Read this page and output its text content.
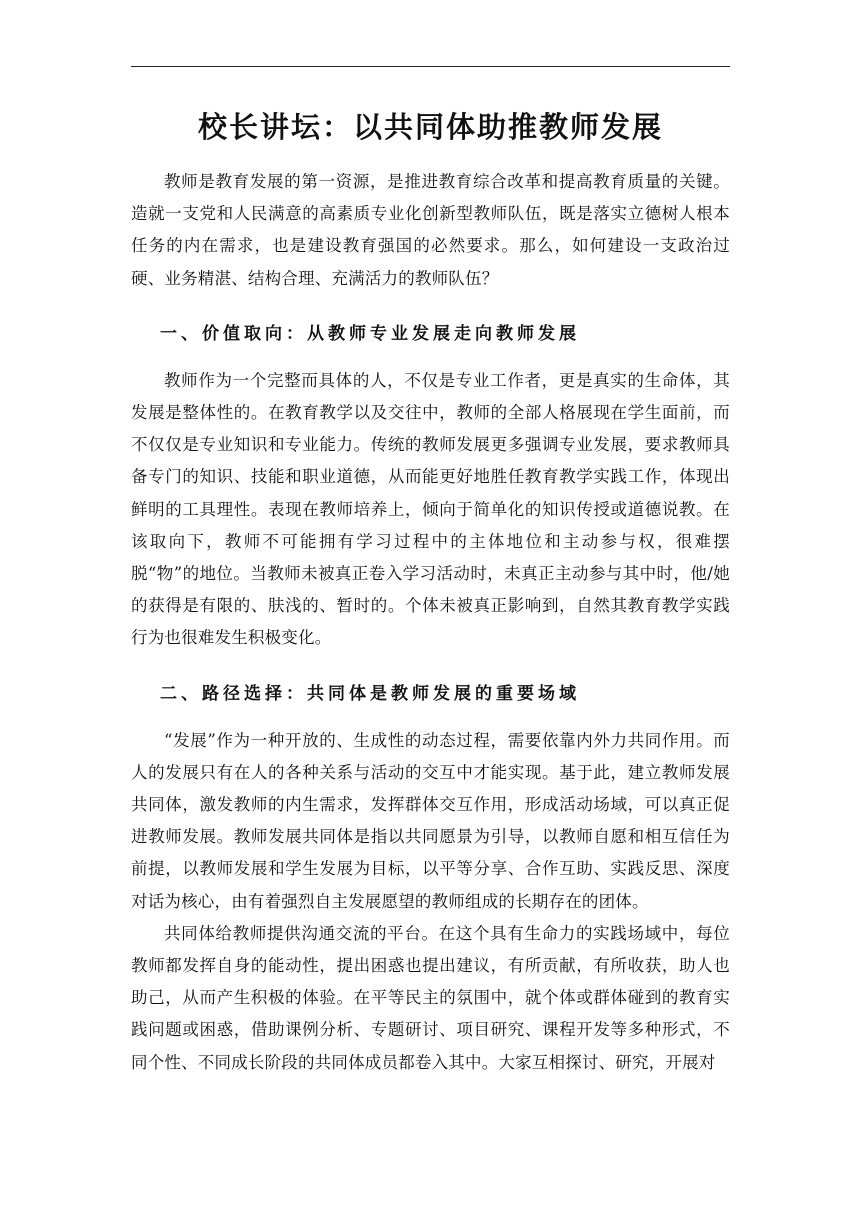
校长讲坛：以共同体助推教师发展

教师是教育发展的第一资源，是推进教育综合改革和提高教育质量的关键。造就一支党和人民满意的高素质专业化创新型教师队伍，既是落实立德树人根本任务的内在需求，也是建设教育强国的必然要求。那么，如何建设一支政治过硬、业务精湛、结构合理、充满活力的教师队伍？

一、价值取向：从教师专业发展走向教师发展

教师作为一个完整而具体的人，不仅是专业工作者，更是真实的生命体，其发展是整体性的。在教育教学以及交往中，教师的全部人格展现在学生面前，而不仅仅是专业知识和专业能力。传统的教师发展更多强调专业发展，要求教师具备专门的知识、技能和职业道德，从而能更好地胜任教育教学实践工作，体现出鲜明的工具理性。表现在教师培养上，倾向于简单化的知识传授或道德说教。在该取向下，教师不可能拥有学习过程中的主体地位和主动参与权，很难摆脱“物”的地位。当教师未被真正卷入学习活动时，未真正主动参与其中时，他/她的获得是有限的、肤浅的、暂时的。个体未被真正影响到，自然其教育教学实践行为也很难发生积极变化。

二、路径选择：共同体是教师发展的重要场域

“发展”作为一种开放的、生成性的动态过程，需要依靠内外力共同作用。而人的发展只有在人的各种关系与活动的交互中才能实现。基于此，建立教师发展共同体，激发教师的内生需求，发挥群体交互作用，形成活动场域，可以真正促进教师发展。教师发展共同体是指以共同愿景为引导，以教师自愿和相互信任为前提，以教师发展和学生发展为目标，以平等分享、合作互助、实践反思、深度对话为核心，由有着强烈自主发展愿望的教师组成的长期存在的团体。

共同体给教师提供沟通交流的平台。在这个具有生命力的实践场域中，每位教师都发挥自身的能动性，提出困惑也提出建议，有所贡献，有所收获，助人也助己，从而产生积极的体验。在平等民主的氛围中，就个体或群体碰到的教育实践问题或困惑，借助课例分析、专题研讨、项目研究、课程开发等多种形式，不同个性、不同成长阶段的共同体成员都卷入其中。大家互相探讨、研究，开展对
